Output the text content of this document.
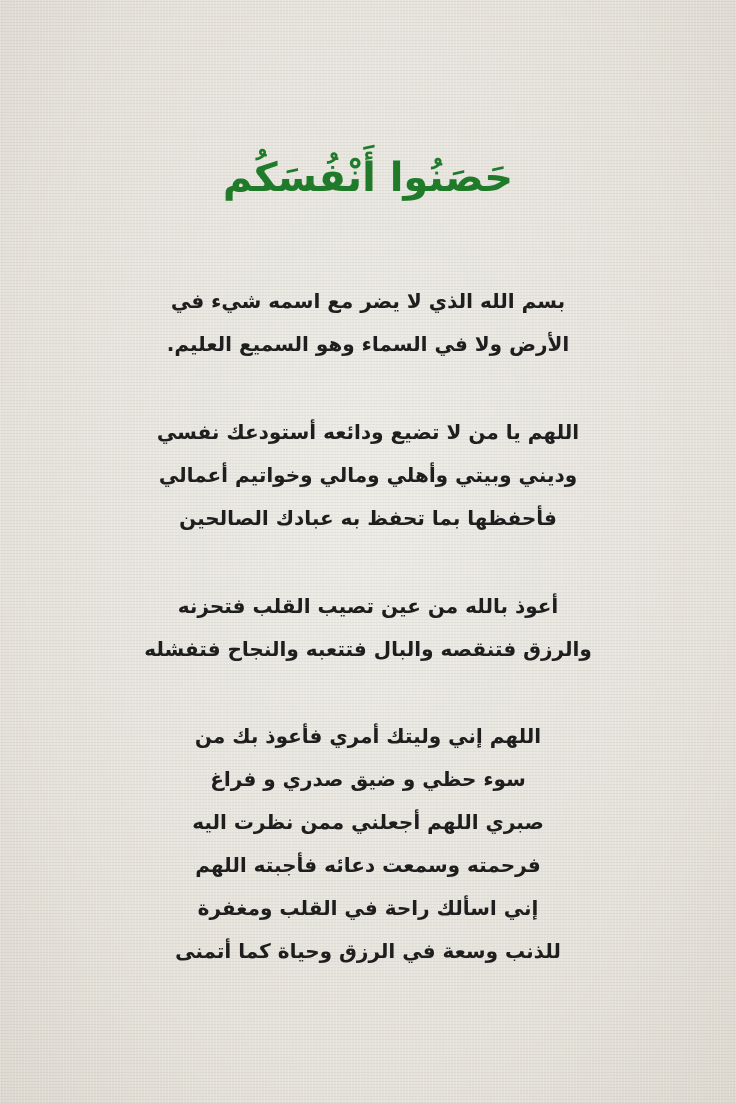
حَصَنُوا أَنْفُسَكُم
بسم الله الذي لا يضر مع اسمه شيء في
الأرض ولا في السماء وهو السميع العليم.
اللهم يا من لا تضيع ودائعه أستودعك نفسي
وديني وبيتي وأهلي ومالي وخواتيم أعمالي
فأحفظها بما تحفظ به عبادك الصالحين
أعوذ بالله من عين تصيب القلب فتحزنه
والرزق فتنقصه والبال فتتعبه والنجاح فتفشله
اللهم إني وليتك أمري فأعوذ بك من
سوء حظي و ضيق صدري و فراغ
صبري اللهم أجعلني ممن نظرت اليه
فرحمته وسمعت دعائه فأجبته اللهم
إني اسألك راحة في القلب ومغفرة
للذنب وسعة في الرزق وحياة كما أتمنى
